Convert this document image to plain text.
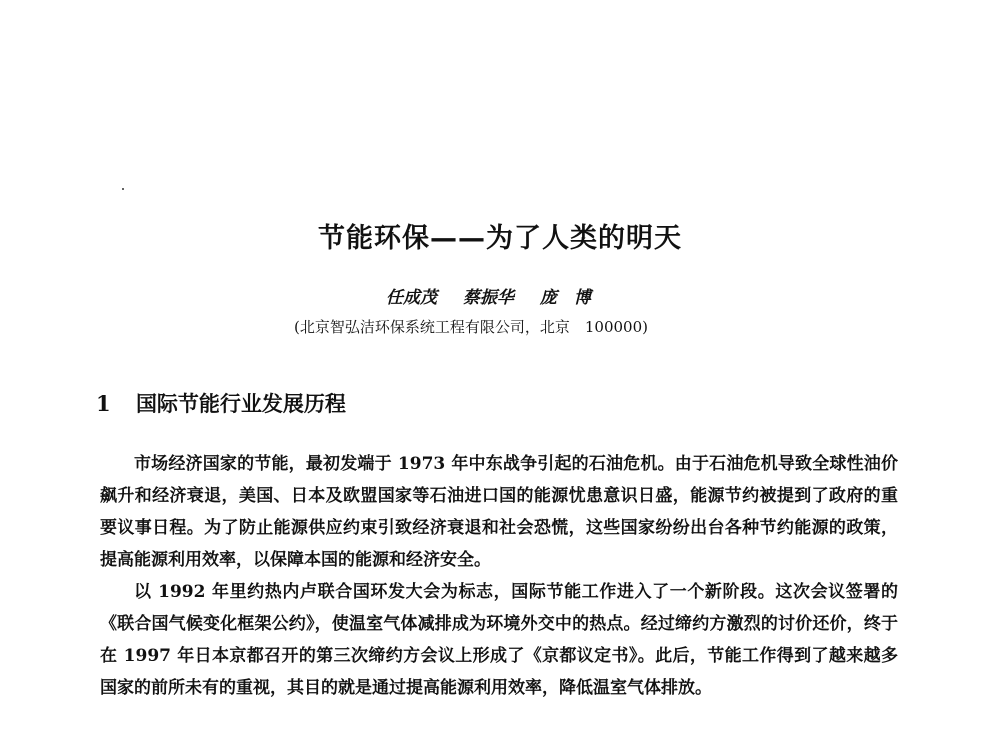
节能环保——为了人类的明天
任成茂 蔡振华 庞　博
(北京智弘洁环保系统工程有限公司，北京　100000)
1 国际节能行业发展历程

市场经济国家的节能，最初发端于 1973 年中东战争引起的石油危机。由于石油危机导致全球性油价飙升和经济衰退，美国、日本及欧盟国家等石油进口国的能源忧患意识日盛，能源节约被提到了政府的重要议事日程。为了防止能源供应约束引致经济衰退和社会恐慌，这些国家纷纷出台各种节约能源的政策，提高能源利用效率，以保障本国的能源和经济安全。

以 1992 年里约热内卢联合国环发大会为标志，国际节能工作进入了一个新阶段。这次会议签署的《联合国气候变化框架公约》，使温室气体减排成为环境外交中的热点。经过缔约方激烈的讨价还价，终于在 1997 年日本京都召开的第三次缔约方会议上形成了《京都议定书》。此后，节能工作得到了越来越多国家的前所未有的重视，其目的就是通过提高能源利用效率，降低温室气体排放。
